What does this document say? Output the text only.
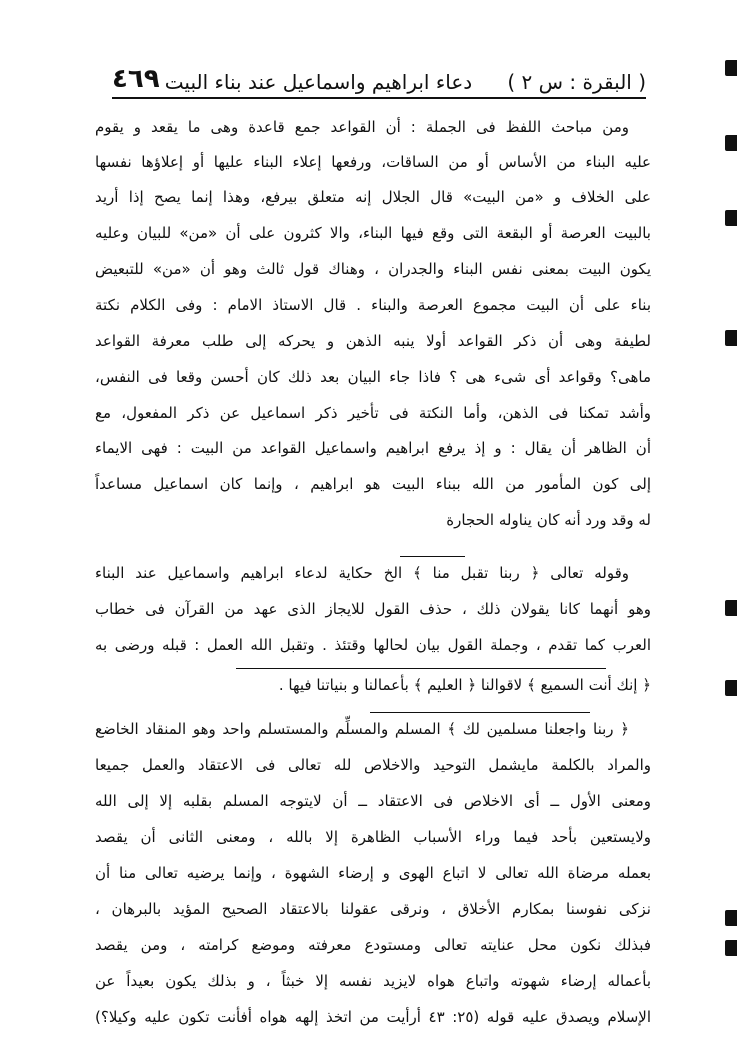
( البقرة : س ٢ )
دعاء ابراهيم واسماعيل عند بناء البيت
٤٦٩
ومن مباحث اللفظ فى الجملة : أن القواعد جمع قاعدة وهى ما يقعد و يقوم
عليه البناء من الأساس أو من الساقات، ورفعها إعلاء البناء عليها أو إعلاؤها نفسها
على الخلاف و «من البيت» قال الجلال إنه متعلق بيرفع، وهذا إنما يصح إذا أريد
بالبيت العرصة أو البقعة التى وقع فيها البناء، والا كثرون على أن «من» للبيان وعليه
يكون البيت بمعنى نفس البناء والجدران ، وهناك قول ثالث وهو أن «من» للتبعيض
بناء على أن البيت مجموع العرصة والبناء . قال الاستاذ الامام : وفى الكلام نكتة
لطيفة وهى أن ذكر القواعد أولا ينبه الذهن و يحركه إلى طلب معرفة القواعد
ماهى؟ وقواعد أى شىء هى ؟ فاذا جاء البيان بعد ذلك كان أحسن وقعا فى النفس،
وأشد تمكنا فى الذهن، وأما النكتة فى تأخير ذكر اسماعيل عن ذكر المفعول، مع
أن الظاهر أن يقال : و إذ يرفع ابراهيم واسماعيل القواعد من البيت : فهى الايماء
إلى كون المأمور من الله ببناء البيت هو ابراهيم ، وإنما كان اسماعيل مساعداً
له وقد ورد أنه كان يناوله الحجارة
وقوله تعالى ﴿ ربنا تقبل منا ﴾ الخ حكاية لدعاء ابراهيم واسماعيل عند البناء
وهو أنهما كانا يقولان ذلك ، حذف القول للايجاز الذى عهد من القرآن فى خطاب
العرب كما تقدم ، وجملة القول بيان لحالها وقتئذ . وتقبل الله العمل : قبله ورضى به
﴿ إنك أنت السميع ﴾ لاقوالنا ﴿ العليم ﴾ بأعمالنا و بنياتنا فيها .
﴿ ربنا واجعلنا مسلمين لك ﴾ المسلم والمسلِّم والمستسلم واحد وهو المنقاد الخاضع
والمراد بالكلمة مايشمل التوحيد والاخلاص لله تعالى فى الاعتقاد والعمل جميعا
ومعنى الأول ــ أى الاخلاص فى الاعتقاد ــ أن لايتوجه المسلم بقلبه إلا إلى الله
ولايستعين بأحد فيما وراء الأسباب الظاهرة إلا بالله ، ومعنى الثانى أن يقصد
بعمله مرضاة الله تعالى لا اتباع الهوى و إرضاء الشهوة ، وإنما يرضيه تعالى منا أن
نزكى نفوسنا بمكارم الأخلاق ، ونرقى عقولنا بالاعتقاد الصحيح المؤيد بالبرهان ،
فبذلك نكون محل عنايته تعالى ومستودع معرفته وموضع كرامته ، ومن يقصد
بأعماله إرضاء شهوته واتباع هواه لايزيد نفسه إلا خبثاً ، و بذلك يكون بعيداً عن
الإسلام ويصدق عليه قوله (٢٥: ٤٣ أرأيت من اتخذ إلهه هواه أفأنت تكون عليه وكيلا؟)
